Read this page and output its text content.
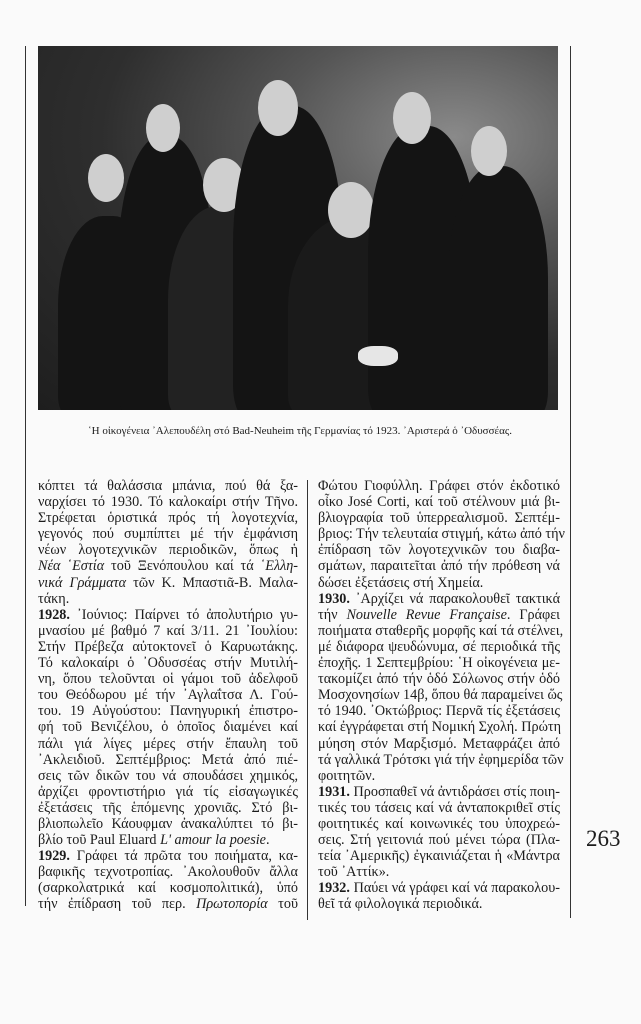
῾Η οἰκογένεια ᾿Αλεπουδέλη στό Bad-Neuheim τῆς Γερμανίας τό 1923. ᾿Αριστερά ὁ ᾿Οδυσσέας.
κόπτει τά θαλάσσια μπάνια, πού θά ξα-
ναρχίσει τό 1930. Τό καλοκαίρι στήν Τῆνο.
Στρέφεται ὁριστικά πρός τή λογοτεχνία,
γεγονός πού συμπίπτει μέ τήν ἐμφάνιση
νέων λογοτεχνικῶν περιοδικῶν, ὅπως ἡ
Νέα ῾Εστία τοῦ Ξενόπουλου καί τά ῾Ελλη-
νικά Γράμματα τῶν Κ. Μπαστιᾶ-Β. Μαλα-
τάκη.
1928. ᾿Ιούνιος: Παίρνει τό ἀπολυτήριο γυ-
μνασίου μέ βαθμό 7 καί 3/11. 21 ᾿Ιουλίου:
Στήν Πρέβεζα αὐτοκτονεῖ ὁ Καρυωτάκης.
Τό καλοκαίρι ὁ ᾿Οδυσσέας στήν Μυτιλή-
νη, ὅπου τελοῦνται οἱ γάμοι τοῦ ἀδελφοῦ
του Θεόδωρου μέ τήν ᾿Αγλαΐτσα Λ. Γού-
του. 19 Αὐγούστου: Πανηγυρική ἐπιστρο-
φή τοῦ Βενιζέλου, ὁ ὁποῖος διαμένει καί
πάλι γιά λίγες μέρες στήν ἔπαυλη τοῦ
᾿Ακλειδιοῦ. Σεπτέμβριος: Μετά ἀπό πιέ-
σεις τῶν δικῶν του νά σπουδάσει χημικός,
ἀρχίζει φροντιστήριο γιά τίς εἰσαγωγικές
ἐξετάσεις τῆς ἑπόμενης χρονιᾶς. Στό βι-
βλιοπωλεῖο Κάουφμαν ἀνακαλύπτει τό βι-
βλίο τοῦ Paul Eluard L' amour la poesie.
1929. Γράφει τά πρῶτα του ποιήματα, κα-
βαφικῆς τεχνοτροπίας. ᾿Ακολουθοῦν ἄλλα
(σαρκολατρικά καί κοσμοπολιτικά), ὑπό
τήν ἐπίδραση τοῦ περ. Πρωτοπορία τοῦ
Φώτου Γιοφύλλη. Γράφει στόν ἐκδοτικό
οἶκο José Corti, καί τοῦ στέλνουν μιά βι-
βλιογραφία τοῦ ὑπερρεαλισμοῦ. Σεπτέμ-
βριος: Τήν τελευταία στιγμή, κάτω ἀπό τήν
ἐπίδραση τῶν λογοτεχνικῶν του διαβα-
σμάτων, παραιτεῖται ἀπό τήν πρόθεση νά
δώσει ἐξετάσεις στή Χημεία.
1930. ᾿Αρχίζει νά παρακολουθεῖ τακτικά
τήν Nouvelle Revue Française. Γράφει
ποιήματα σταθερῆς μορφῆς καί τά στέλνει,
μέ διάφορα ψευδώνυμα, σέ περιοδικά τῆς
ἐποχῆς. 1 Σεπτεμβρίου: ῾Η οἰκογένεια με-
τακομίζει ἀπό τήν ὁδό Σόλωνος στήν ὁδό
Μοσχονησίων 14β, ὅπου θά παραμείνει ὥς
τό 1940. ᾿Οκτώβριος: Περνᾶ τίς ἐξετάσεις
καί ἐγγράφεται στή Νομική Σχολή. Πρώτη
μύηση στόν Μαρξισμό. Μεταφράζει ἀπό
τά γαλλικά Τρότσκι γιά τήν ἐφημερίδα τῶν
φοιτητῶν.
1931. Προσπαθεῖ νά ἀντιδράσει στίς ποιη-
τικές του τάσεις καί νά ἀνταποκριθεῖ στίς
φοιτητικές καί κοινωνικές του ὑποχρεώ-
σεις. Στή γειτονιά πού μένει τώρα (Πλα-
τεία ᾿Αμερικῆς) ἐγκαινιάζεται ἡ «Μάντρα
τοῦ ᾿Αττίκ».
1932. Παύει νά γράφει καί νά παρακολου-
θεῖ τά φιλολογικά περιοδικά.
263
